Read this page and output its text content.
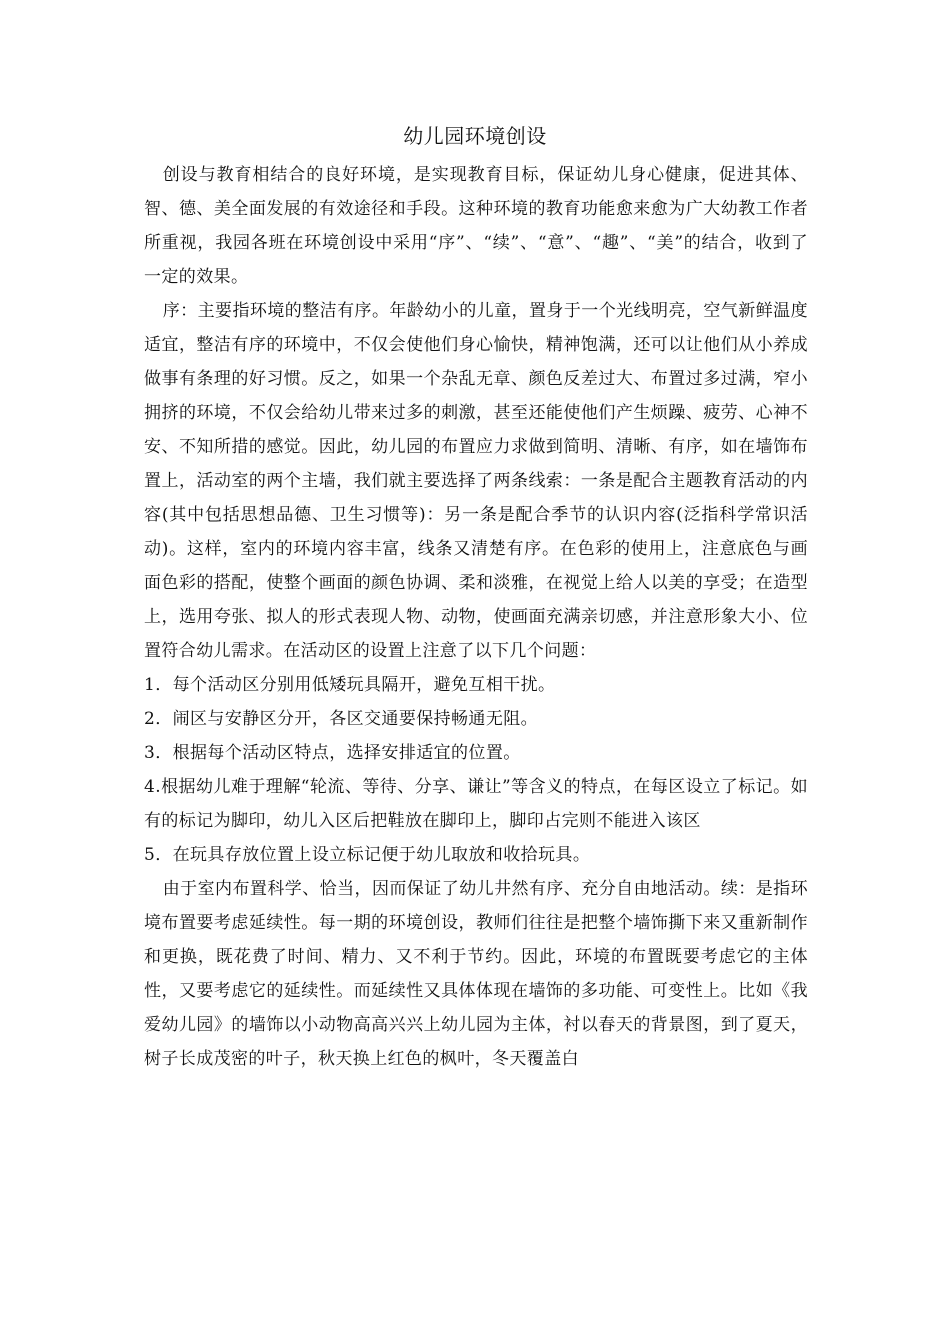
幼儿园环境创设

创设与教育相结合的良好环境，是实现教育目标，保证幼儿身心健康，促进其体、智、德、美全面发展的有效途径和手段。这种环境的教育功能愈来愈为广大幼教工作者所重视，我园各班在环境创设中采用“序”、“续”、“意”、“趣”、“美”的结合，收到了一定的效果。

序：主要指环境的整洁有序。年龄幼小的儿童，置身于一个光线明亮，空气新鲜温度适宜，整洁有序的环境中，不仅会使他们身心愉快，精神饱满，还可以让他们从小养成做事有条理的好习惯。反之，如果一个杂乱无章、颜色反差过大、布置过多过满，窄小拥挤的环境，不仅会给幼儿带来过多的刺激，甚至还能使他们产生烦躁、疲劳、心神不安、不知所措的感觉。因此，幼儿园的布置应力求做到简明、清晰、有序，如在墙饰布置上，活动室的两个主墙，我们就主要选择了两条线索：一条是配合主题教育活动的内容(其中包括思想品德、卫生习惯等)：另一条是配合季节的认识内容(泛指科学常识活动)。这样，室内的环境内容丰富，线条又清楚有序。在色彩的使用上，注意底色与画面色彩的搭配，使整个画面的颜色协调、柔和淡雅，在视觉上给人以美的享受；在造型上，选用夸张、拟人的形式表现人物、动物，使画面充满亲切感，并注意形象大小、位置符合幼儿需求。在活动区的设置上注意了以下几个问题：

1．每个活动区分别用低矮玩具隔开，避免互相干扰。

2．闹区与安静区分开，各区交通要保持畅通无阻。

3．根据每个活动区特点，选择安排适宜的位置。

4.根据幼儿难于理解“轮流、等待、分享、谦让”等含义的特点，在每区设立了标记。如有的标记为脚印，幼儿入区后把鞋放在脚印上，脚印占完则不能进入该区

5．在玩具存放位置上设立标记便于幼儿取放和收拾玩具。

由于室内布置科学、恰当，因而保证了幼儿井然有序、充分自由地活动。续：是指环境布置要考虑延续性。每一期的环境创设，教师们往往是把整个墙饰撕下来又重新制作和更换，既花费了时间、精力、又不利于节约。因此，环境的布置既要考虑它的主体性，又要考虑它的延续性。而延续性又具体体现在墙饰的多功能、可变性上。比如《我爱幼儿园》的墙饰以小动物高高兴兴上幼儿园为主体，衬以春天的背景图，到了夏天，树子长成茂密的叶子，秋天换上红色的枫叶，冬天覆盖白
